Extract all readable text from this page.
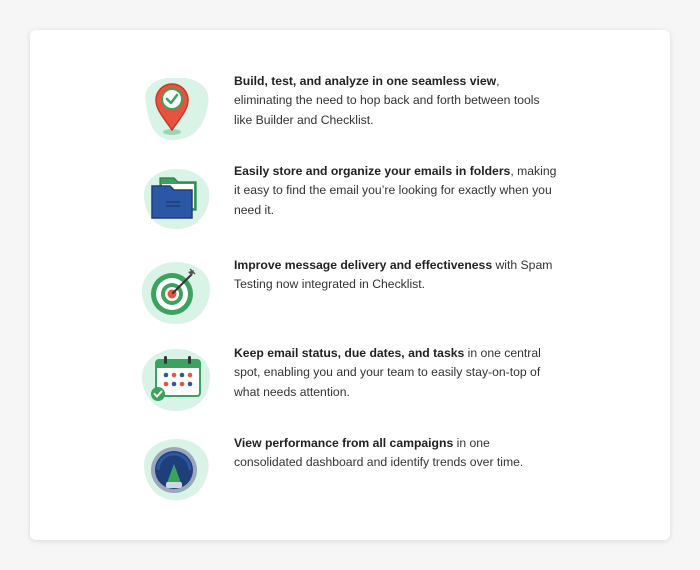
Build, test, and analyze in one seamless view, eliminating the need to hop back and forth between tools like Builder and Checklist.
Easily store and organize your emails in folders, making it easy to find the email you’re looking for exactly when you need it.
Improve message delivery and effectiveness with Spam Testing now integrated in Checklist.
Keep email status, due dates, and tasks in one central spot, enabling you and your team to easily stay-on-top of what needs attention.
View performance from all campaigns in one consolidated dashboard and identify trends over time.
